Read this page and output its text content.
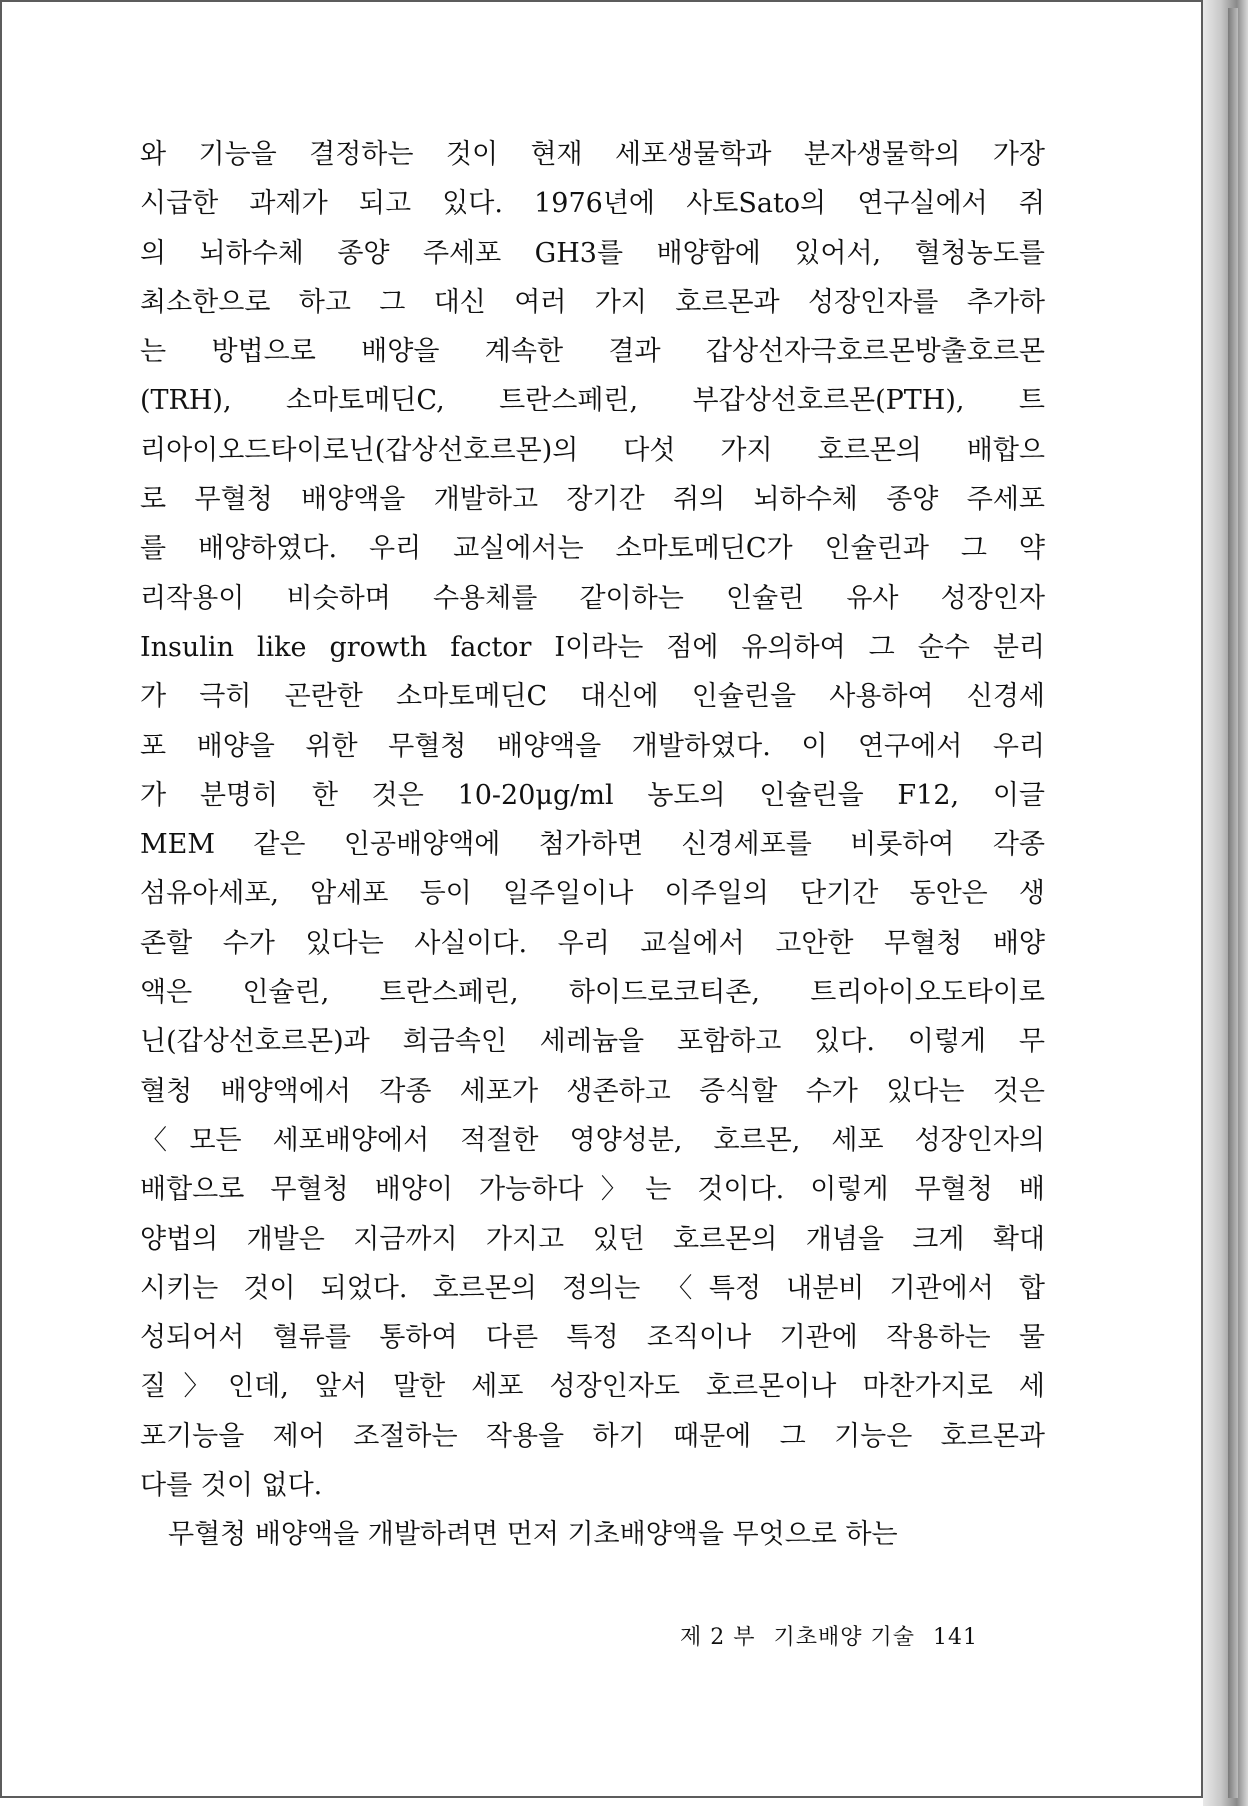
와 기능을 결정하는 것이 현재 세포생물학과 분자생물학의 가장
시급한 과제가 되고 있다. 1976년에 사토Sato의 연구실에서 쥐
의 뇌하수체 종양 주세포 GH3를 배양함에 있어서, 혈청농도를
최소한으로 하고 그 대신 여러 가지 호르몬과 성장인자를 추가하
는 방법으로 배양을 계속한 결과 갑상선자극호르몬방출호르몬
(TRH), 소마토메딘C, 트란스페린, 부갑상선호르몬(PTH), 트
리아이오드타이로닌(갑상선호르몬)의 다섯 가지 호르몬의 배합으
로 무혈청 배양액을 개발하고 장기간 쥐의 뇌하수체 종양 주세포
를 배양하였다. 우리 교실에서는 소마토메딘C가 인슐린과 그 약
리작용이 비슷하며 수용체를 같이하는 인슐린 유사 성장인자
Insulin like growth factor I이라는 점에 유의하여 그 순수 분리
가 극히 곤란한 소마토메딘C 대신에 인슐린을 사용하여 신경세
포 배양을 위한 무혈청 배양액을 개발하였다. 이 연구에서 우리
가 분명히 한 것은 10-20μg/ml 농도의 인슐린을 F12, 이글
MEM 같은 인공배양액에 첨가하면 신경세포를 비롯하여 각종
섬유아세포, 암세포 등이 일주일이나 이주일의 단기간 동안은 생
존할 수가 있다는 사실이다. 우리 교실에서 고안한 무혈청 배양
액은 인슐린, 트란스페린, 하이드로코티존, 트리아이오도타이로
닌(갑상선호르몬)과 희금속인 세레늄을 포함하고 있다. 이렇게 무
혈청 배양액에서 각종 세포가 생존하고 증식할 수가 있다는 것은
〈모든 세포배양에서 적절한 영양성분, 호르몬, 세포 성장인자의
배합으로 무혈청 배양이 가능하다〉는 것이다. 이렇게 무혈청 배
양법의 개발은 지금까지 가지고 있던 호르몬의 개념을 크게 확대
시키는 것이 되었다. 호르몬의 정의는 〈특정 내분비 기관에서 합
성되어서 혈류를 통하여 다른 특정 조직이나 기관에 작용하는 물
질〉인데, 앞서 말한 세포 성장인자도 호르몬이나 마찬가지로 세
포기능을 제어 조절하는 작용을 하기 때문에 그 기능은 호르몬과
다를 것이 없다.
무혈청 배양액을 개발하려면 먼저 기초배양액을 무엇으로 하는
제 2 부 기초배양 기술 141
